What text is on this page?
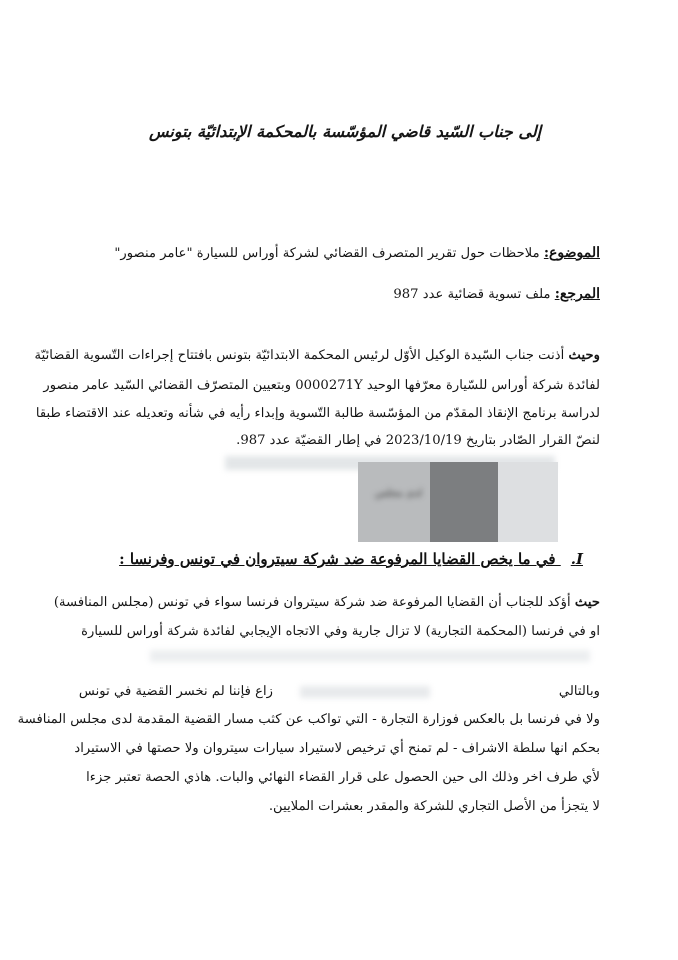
إلى جناب السّيد قاضي المؤسّسة بالمحكمة الإبتدائيّة بتونس
الموضوع: ملاحظات حول تقرير المتصرف القضائي لشركة أوراس للسيارة "عامر منصور"
المرجع: ملف تسوية قضائية عدد 987
وحيث أذنت جناب السّيدة الوكيل الأوّل لرئيس المحكمة الابتدائيّة بتونس بافتتاح إجراءات التّسوية القضائيّة
لفائدة شركة أوراس للسّيارة معرّفها الوحيد 0000271Y وبتعيين المتصرّف القضائي السّيد عامر منصور
لدراسة برنامج الإنقاذ المقدّم من المؤسّسة طالبة التّسوية وإبداء رأيه في شأنه وتعديله عند الاقتضاء طبقا
لنصّ القرار الصّادر بتاريخ 2023/10/19 في إطار القضيّة عدد 987.
لدى مجلس
I. في ما يخص القضايا المرفوعة ضد شركة سيتروان في تونس وفرنسا :
حيث أؤكد للجناب أن القضايا المرفوعة ضد شركة سيتروان فرنسا سواء في تونس (مجلس المنافسة)
او في فرنسا (المحكمة التجارية) لا تزال جارية وفي الاتجاه الإيجابي لفائدة شركة أوراس للسيارة
وبالتالي
زاع فإننا لم نخسر القضية في تونس
ولا في فرنسا بل بالعكس فوزارة التجارة - التي تواكب عن كثب مسار القضية المقدمة لدى مجلس المنافسة
بحكم انها سلطة الاشراف - لم تمنح أي ترخيص لاستيراد سيارات سيتروان ولا حصتها في الاستيراد
لأي طرف اخر وذلك الى حين الحصول على قرار القضاء النهائي والبات. هاذي الحصة تعتبر جزءا
لا يتجزأ من الأصل التجاري للشركة والمقدر بعشرات الملايين.
